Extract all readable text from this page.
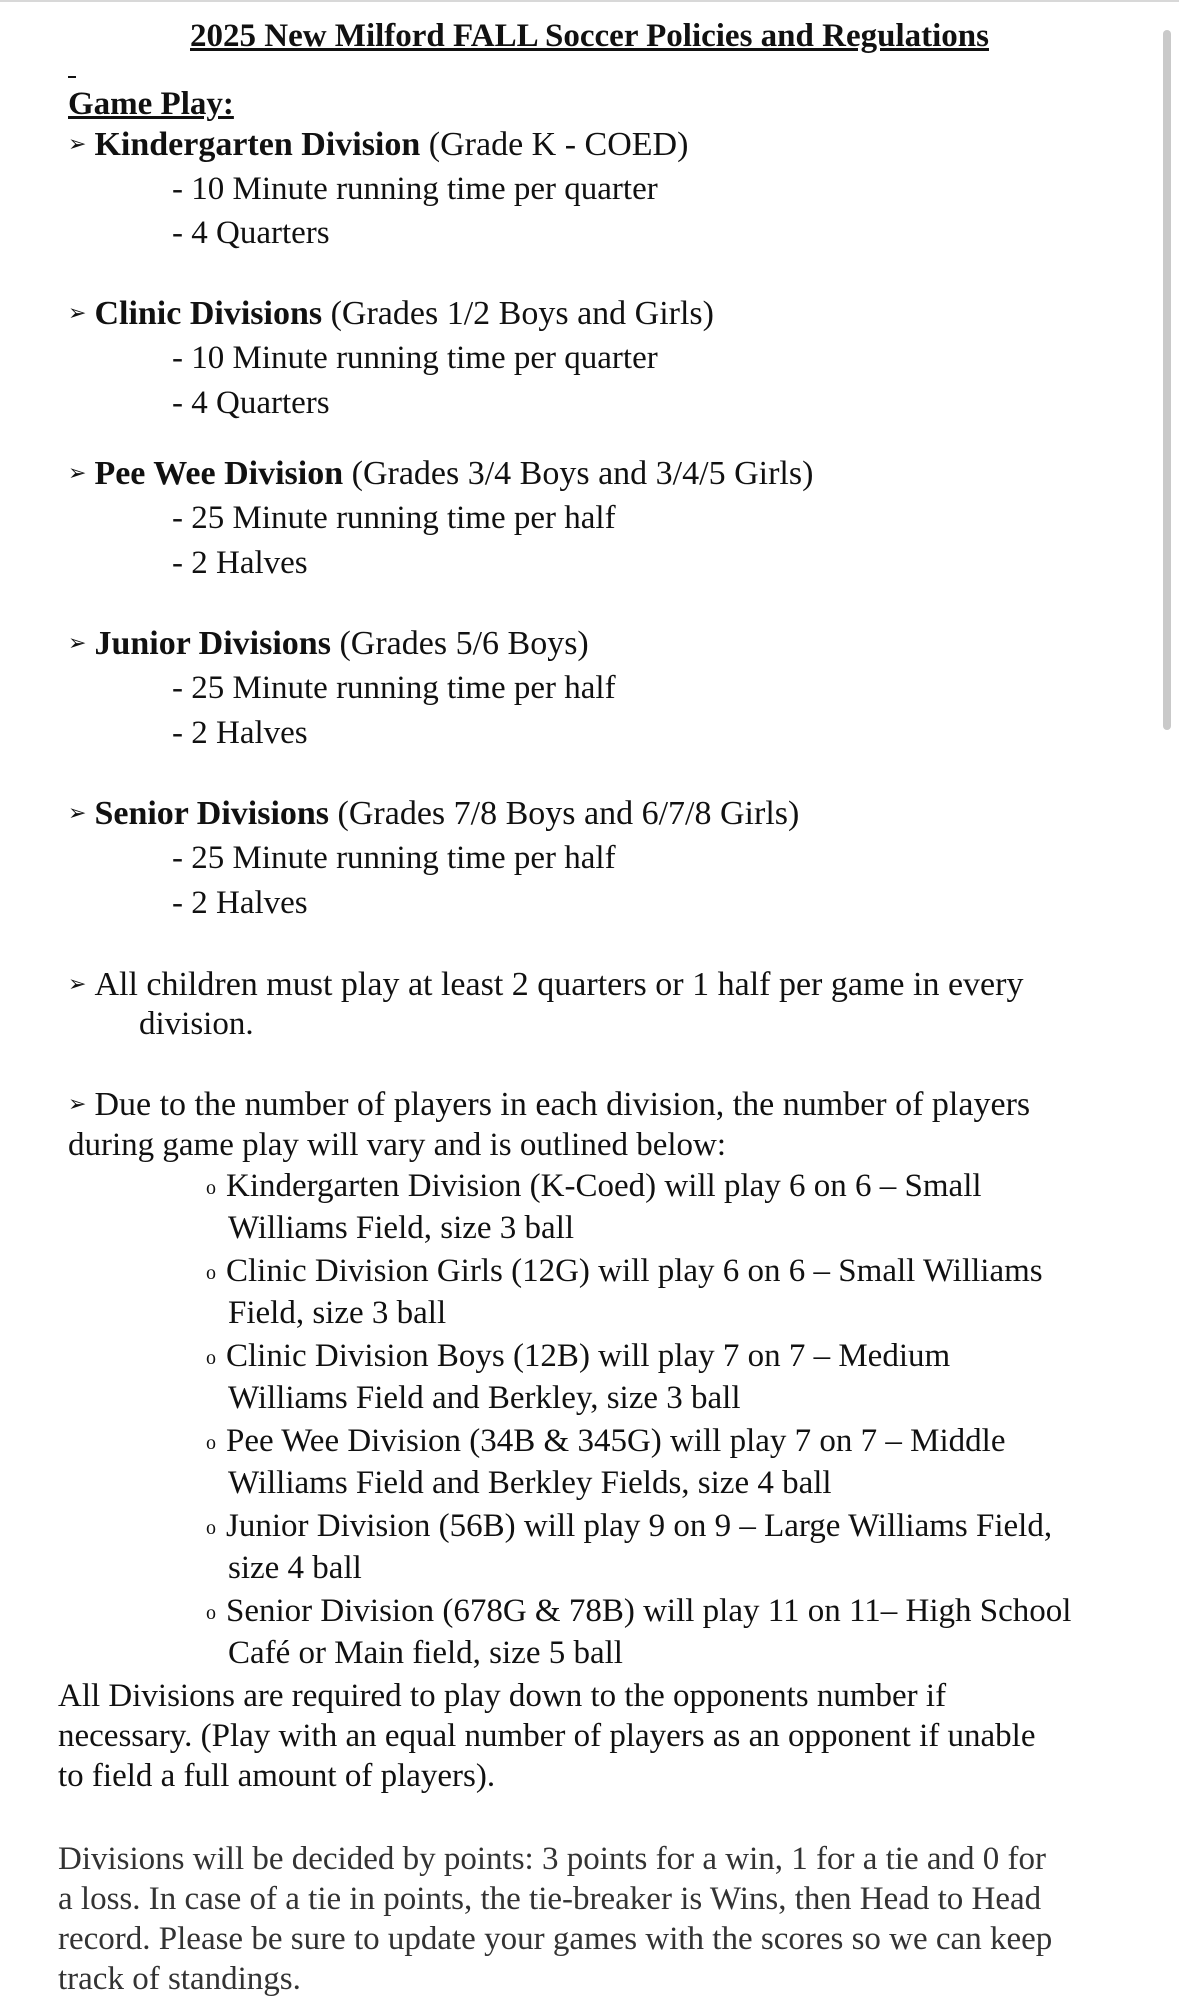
2025 New Milford FALL Soccer Policies and Regulations
Game Play:
➢ Kindergarten Division (Grade K - COED)
- 10 Minute running time per quarter
- 4 Quarters
➢ Clinic Divisions (Grades 1/2 Boys and Girls)
- 10 Minute running time per quarter
- 4 Quarters
➢ Pee Wee Division (Grades 3/4 Boys and 3/4/5 Girls)
- 25 Minute running time per half
- 2 Halves
➢ Junior Divisions (Grades 5/6 Boys)
- 25 Minute running time per half
- 2 Halves
➢ Senior Divisions (Grades 7/8 Boys and 6/7/8 Girls)
- 25 Minute running time per half
- 2 Halves
➢ All children must play at least 2 quarters or 1 half per game in every
division.
➢ Due to the number of players in each division, the number of players
during game play will vary and is outlined below:
o Kindergarten Division (K-Coed) will play 6 on 6 – Small
Williams Field, size 3 ball
o Clinic Division Girls (12G) will play 6 on 6 – Small Williams
Field, size 3 ball
o Clinic Division Boys (12B) will play 7 on 7 – Medium
Williams Field and Berkley, size 3 ball
o Pee Wee Division (34B & 345G) will play 7 on 7 – Middle
Williams Field and Berkley Fields, size 4 ball
o Junior Division (56B) will play 9 on 9 – Large Williams Field,
size 4 ball
o Senior Division (678G & 78B) will play 11 on 11– High School
Café or Main field, size 5 ball
All Divisions are required to play down to the opponents number if
necessary. (Play with an equal number of players as an opponent if unable
to field a full amount of players).
Divisions will be decided by points: 3 points for a win, 1 for a tie and 0 for
a loss. In case of a tie in points, the tie-breaker is Wins, then Head to Head
record. Please be sure to update your games with the scores so we can keep
track of standings.
